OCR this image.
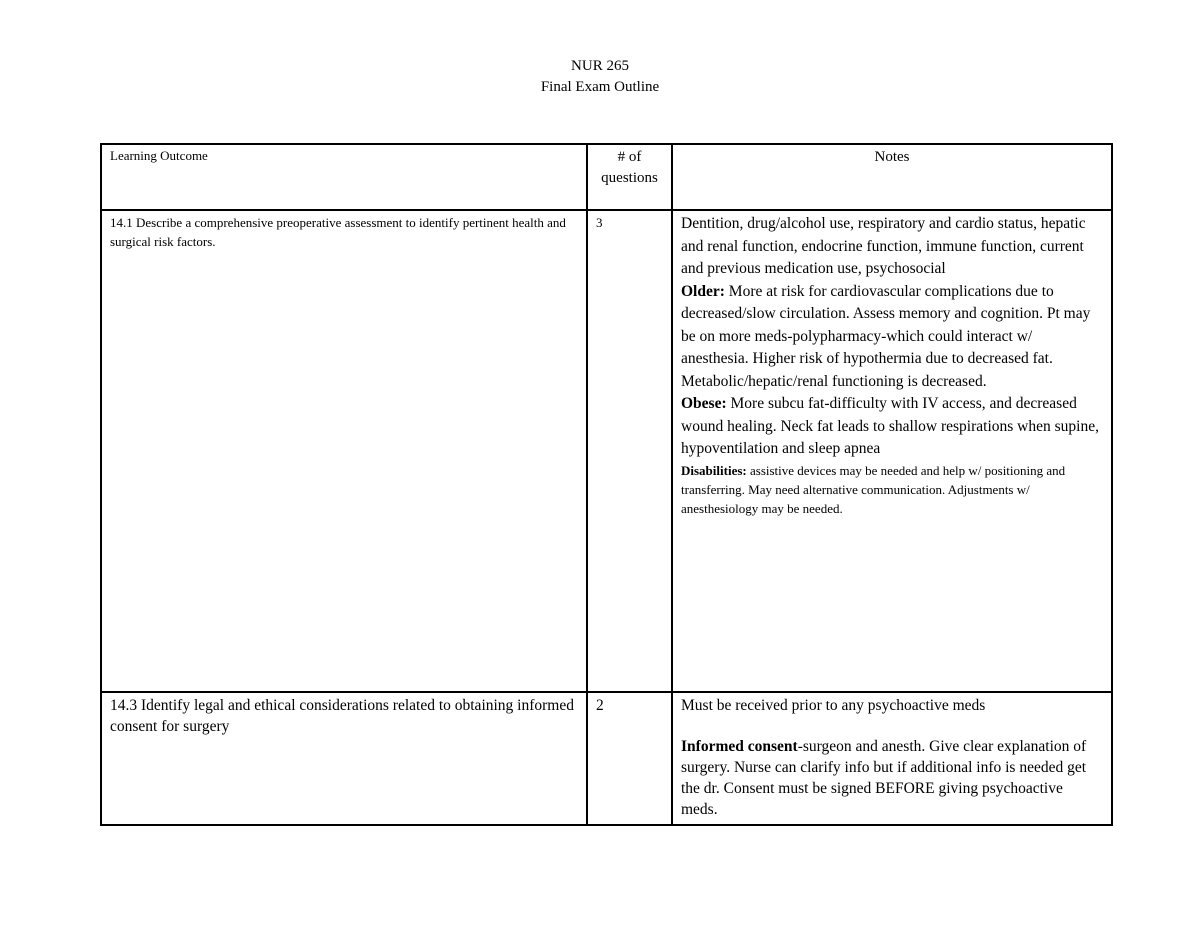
NUR 265
Final Exam Outline
Learning Outcome	# of questions	Notes
14.1 Describe a comprehensive preoperative assessment to identify pertinent health and surgical risk factors.	3	Dentition, drug/alcohol use, respiratory and cardio status, hepatic and renal function, endocrine function, immune function, current and previous medication use, psychosocial

Older: More at risk for cardiovascular complications due to decreased/slow circulation. Assess memory and cognition. Pt may be on more meds-polypharmacy-which could interact w/ anesthesia. Higher risk of hypothermia due to decreased fat. Metabolic/hepatic/renal functioning is decreased.

Obese: More subcu fat-difficulty with IV access, and decreased wound healing. Neck fat leads to shallow respirations when supine, hypoventilation and sleep apnea

Disabilities: assistive devices may be needed and help w/ positioning and transferring. May need alternative communication. Adjustments w/ anesthesiology may be needed.

14.3 Identify legal and ethical considerations related to obtaining informed consent for surgery	2	Must be received prior to any psychoactive meds

Informed consent-surgeon and anesth. Give clear explanation of surgery. Nurse can clarify info but if additional info is needed get the dr. Consent must be signed BEFORE giving psychoactive meds.
